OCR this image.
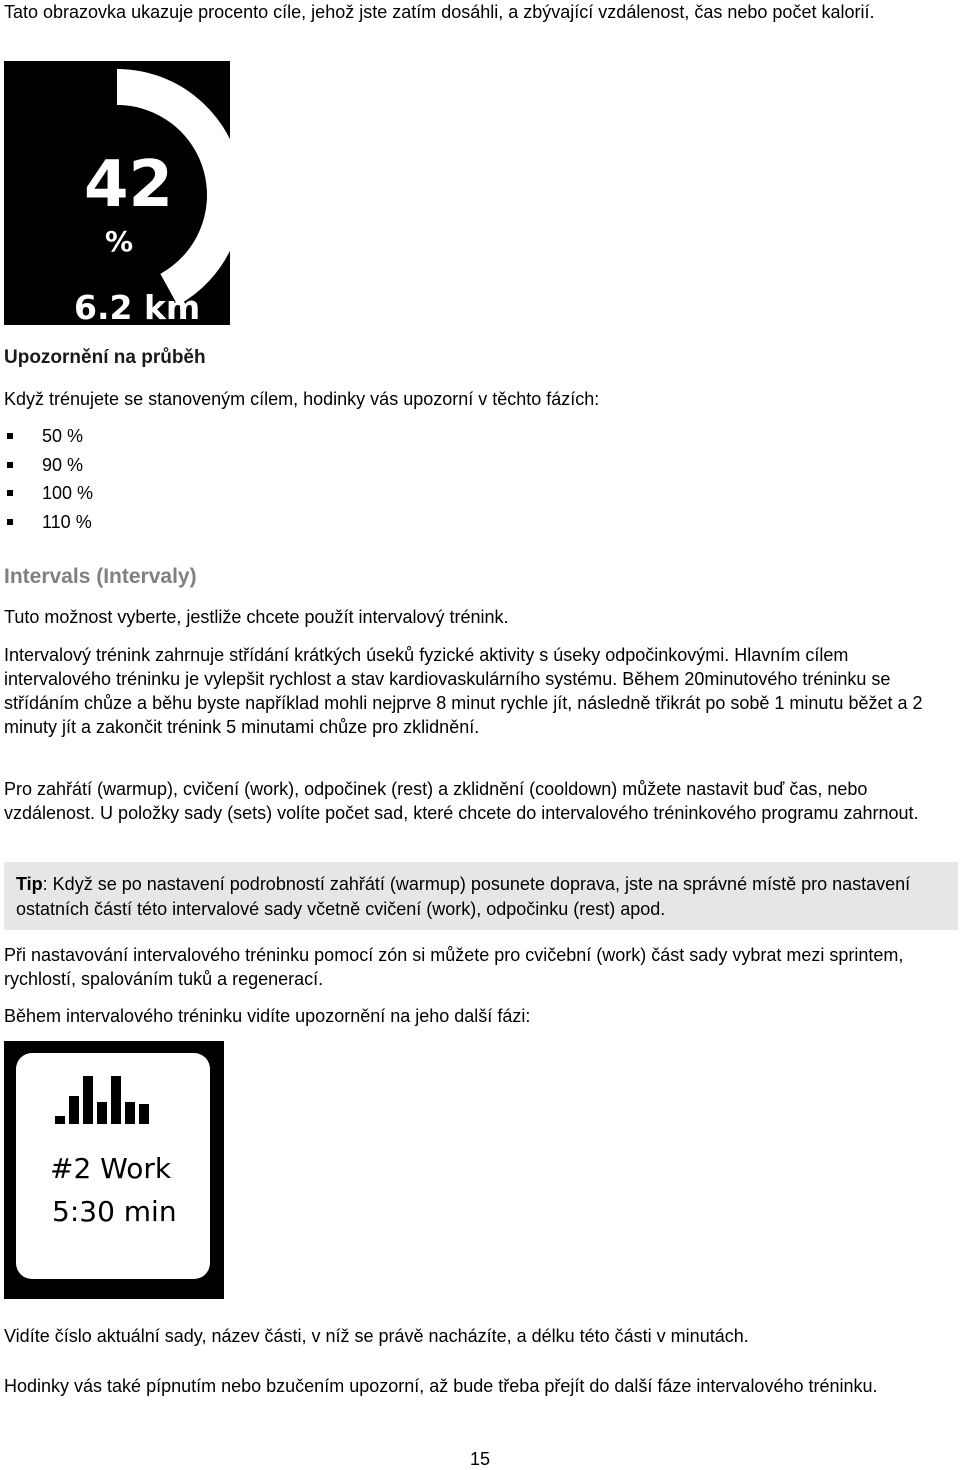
Tato obrazovka ukazuje procento cíle, jehož jste zatím dosáhli, a zbývající vzdálenost, čas nebo počet kalorií.

42
%
6.2 km
Upozornění na průběh

Když trénujete se stanoveným cílem, hodinky vás upozorní v těchto fázích:

50 %
90 %
100 %
110 %
Intervals (Intervaly)

Tuto možnost vyberte, jestliže chcete použít intervalový trénink.

Intervalový trénink zahrnuje střídání krátkých úseků fyzické aktivity s úseky odpočinkovými. Hlavním cílem intervalového tréninku je vylepšit rychlost a stav kardiovaskulárního systému. Během 20minutového tréninku se střídáním chůze a běhu byste například mohli nejprve 8 minut rychle jít, následně třikrát po sobě 1 minutu běžet a 2 minuty jít a zakončit trénink 5 minutami chůze pro zklidnění.

Pro zahřátí (warmup), cvičení (work), odpočinek (rest) a zklidnění (cooldown) můžete nastavit buď čas, nebo vzdálenost. U položky sady (sets) volíte počet sad, které chcete do intervalového tréninkového programu zahrnout.

Tip: Když se po nastavení podrobností zahřátí (warmup) posunete doprava, jste na správné místě pro nastavení ostatních částí této intervalové sady včetně cvičení (work), odpočinku (rest) apod.

Při nastavování intervalového tréninku pomocí zón si můžete pro cvičební (work) část sady vybrat mezi sprintem, rychlostí, spalováním tuků a regenerací.

Během intervalového tréninku vidíte upozornění na jeho další fázi:

#2 Work
5:30 min

Vidíte číslo aktuální sady, název části, v níž se právě nacházíte, a délku této části v minutách.

Hodinky vás také pípnutím nebo bzučením upozorní, až bude třeba přejít do další fáze intervalového tréninku.

15
